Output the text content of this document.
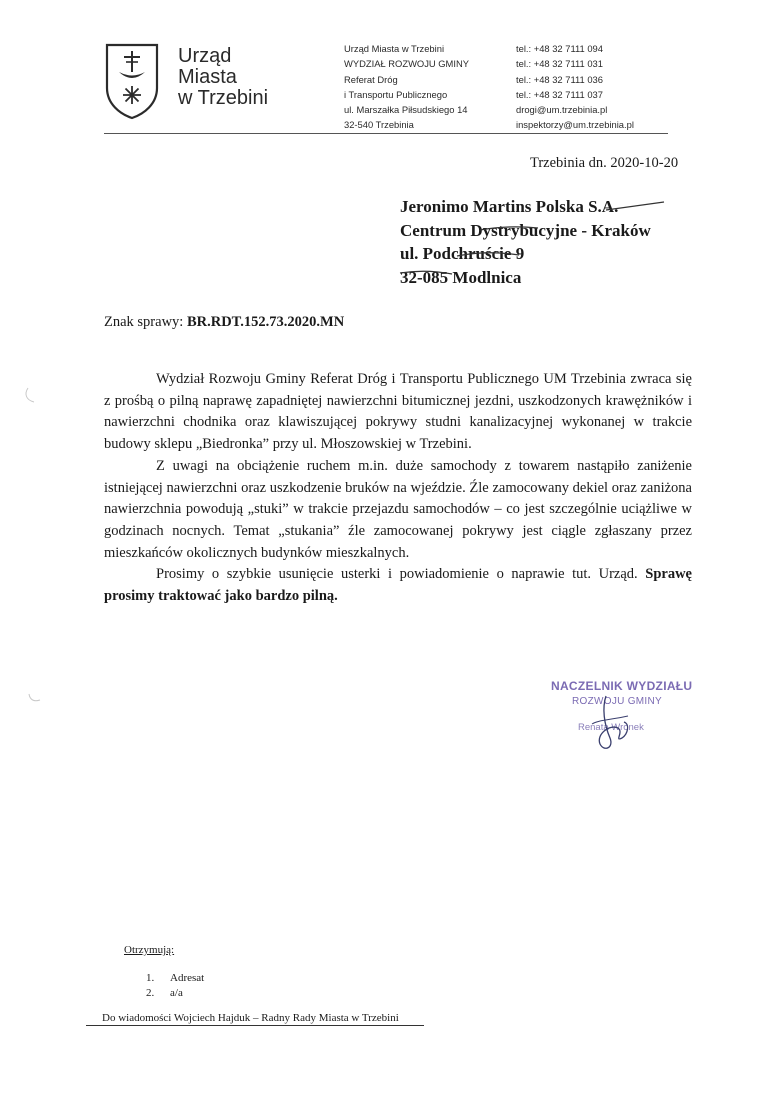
Urząd
Miasta
w Trzebini
Urząd Miasta w Trzebini
WYDZIAŁ ROZWOJU GMINY
Referat Dróg
i Transportu Publicznego
ul. Marszałka Piłsudskiego 14
32-540 Trzebinia
tel.: +48 32 7111 094
tel.: +48 32 7111 031
tel.: +48 32 7111 036
tel.: +48 32 7111 037
drogi@um.trzebinia.pl
inspektorzy@um.trzebinia.pl
Trzebinia dn. 2020-10-20
Jeronimo Martins Polska S.A.
Centrum Dystrybucyjne - Kraków
ul. Podchruście 9
32-085 Modlnica
Znak sprawy: BR.RDT.152.73.2020.MN

Wydział Rozwoju Gminy Referat Dróg i Transportu Publicznego UM Trzebinia zwraca się z prośbą o pilną naprawę zapadniętej nawierzchni bitumicznej jezdni, uszkodzonych krawężników i nawierzchni chodnika oraz klawiszującej pokrywy studni kanalizacyjnej wykonanej w trakcie budowy sklepu „Biedronka” przy ul. Młoszowskiej w Trzebini.

Z uwagi na obciążenie ruchem m.in. duże samochody z towarem nastąpiło zaniżenie istniejącej nawierzchni oraz uszkodzenie bruków na wjeździe. Źle zamocowany dekiel oraz zaniżona nawierzchnia powodują „stuki” w trakcie przejazdu samochodów – co jest szczególnie uciążliwe w godzinach nocnych. Temat „stukania” źle zamocowanej pokrywy jest ciągle zgłaszany przez mieszkańców okolicznych budynków mieszkalnych.

Prosimy o szybkie usunięcie usterki i powiadomienie o naprawie tut. Urząd. Sprawę prosimy traktować jako bardzo pilną.

NACZELNIK WYDZIAŁU
ROZWOJU GMINY
Renata Wronek
Otrzymują:
1. Adresat
2. a/a
Do wiadomości Wojciech Hajduk – Radny Rady Miasta w Trzebini
